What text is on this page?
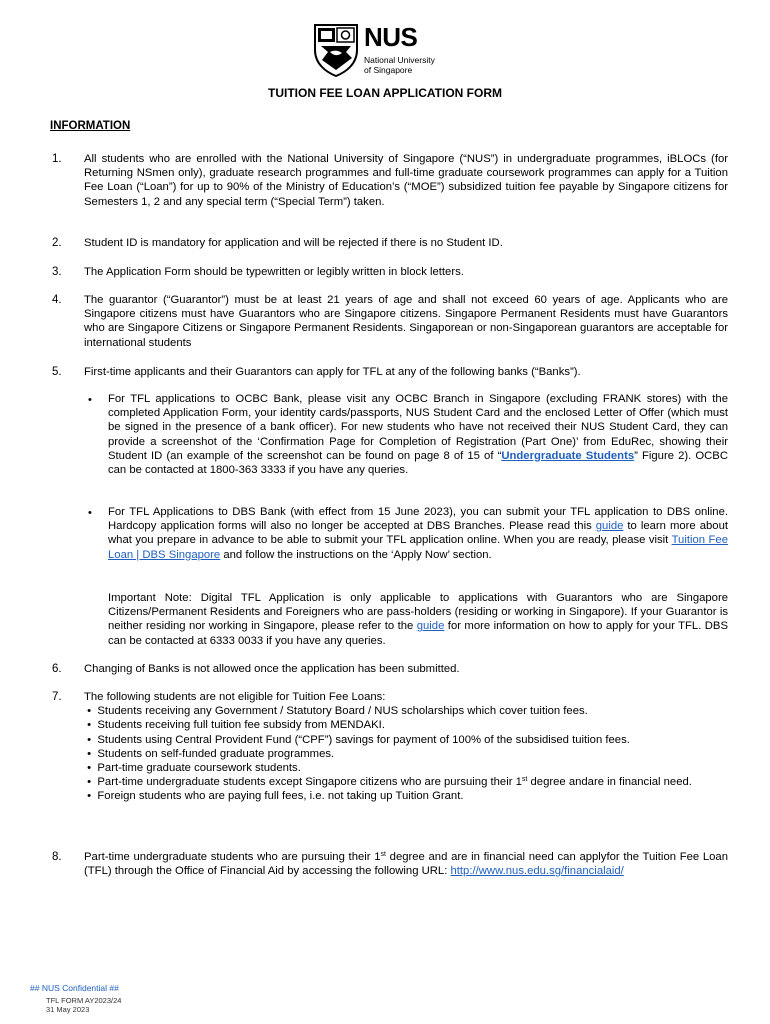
NUS
National University
of Singapore
TUITION FEE LOAN APPLICATION FORM
INFORMATION
1. All students who are enrolled with the National University of Singapore (“NUS”) in undergraduate programmes, iBLOCs (for Returning NSmen only), graduate research programmes and full-time graduate coursework programmes can apply for a Tuition Fee Loan (“Loan”) for up to 90% of the Ministry of Education’s (“MOE”) subsidized tuition fee payable by Singapore citizens for Semesters 1, 2 and any special term (“Special Term”) taken.
2. Student ID is mandatory for application and will be rejected if there is no Student ID.
3. The Application Form should be typewritten or legibly written in block letters.
4. The guarantor (“Guarantor”) must be at least 21 years of age and shall not exceed 60 years of age. Applicants who are Singapore citizens must have Guarantors who are Singapore citizens. Singapore Permanent Residents must have Guarantors who are Singapore Citizens or Singapore Permanent Residents. Singaporean or non-Singaporean guarantors are acceptable for international students
5. First-time applicants and their Guarantors can apply for TFL at any of the following banks (“Banks”).
• For TFL applications to OCBC Bank, please visit any OCBC Branch in Singapore (excluding FRANK stores) with the completed Application Form, your identity cards/passports, NUS Student Card and the enclosed Letter of Offer (which must be signed in the presence of a bank officer). For new students who have not received their NUS Student Card, they can provide a screenshot of the ‘Confirmation Page for Completion of Registration (Part One)’ from EduRec, showing their Student ID (an example of the screenshot can be found on page 8 of 15 of “Undergraduate Students” Figure 2). OCBC can be contacted at 1800-363 3333 if you have any queries.
• For TFL Applications to DBS Bank (with effect from 15 June 2023), you can submit your TFL application to DBS online. Hardcopy application forms will also no longer be accepted at DBS Branches. Please read this guide to learn more about what you prepare in advance to be able to submit your TFL application online. When you are ready, please visit Tuition Fee Loan | DBS Singapore and follow the instructions on the ‘Apply Now’ section.
Important Note: Digital TFL Application is only applicable to applications with Guarantors who are Singapore Citizens/Permanent Residents and Foreigners who are pass-holders (residing or working in Singapore). If your Guarantor is neither residing nor working in Singapore, please refer to the guide for more information on how to apply for your TFL. DBS can be contacted at 6333 0033 if you have any queries.
6. Changing of Banks is not allowed once the application has been submitted.
7. The following students are not eligible for Tuition Fee Loans:
• Students receiving any Government / Statutory Board / NUS scholarships which cover tuition fees.
• Students receiving full tuition fee subsidy from MENDAKI.
• Students using Central Provident Fund (“CPF”) savings for payment of 100% of the subsidised tuition fees.
• Students on self-funded graduate programmes.
• Part-time graduate coursework students.
• Part-time undergraduate students except Singapore citizens who are pursuing their 1st degree andare in financial need.
• Foreign students who are paying full fees, i.e. not taking up Tuition Grant.
8. Part-time undergraduate students who are pursuing their 1st degree and are in financial need can applyfor the Tuition Fee Loan (TFL) through the Office of Financial Aid by accessing the following URL: http://www.nus.edu.sg/financialaid/
## NUS Confidential ##
TFL FORM AY2023/24
31 May 2023
